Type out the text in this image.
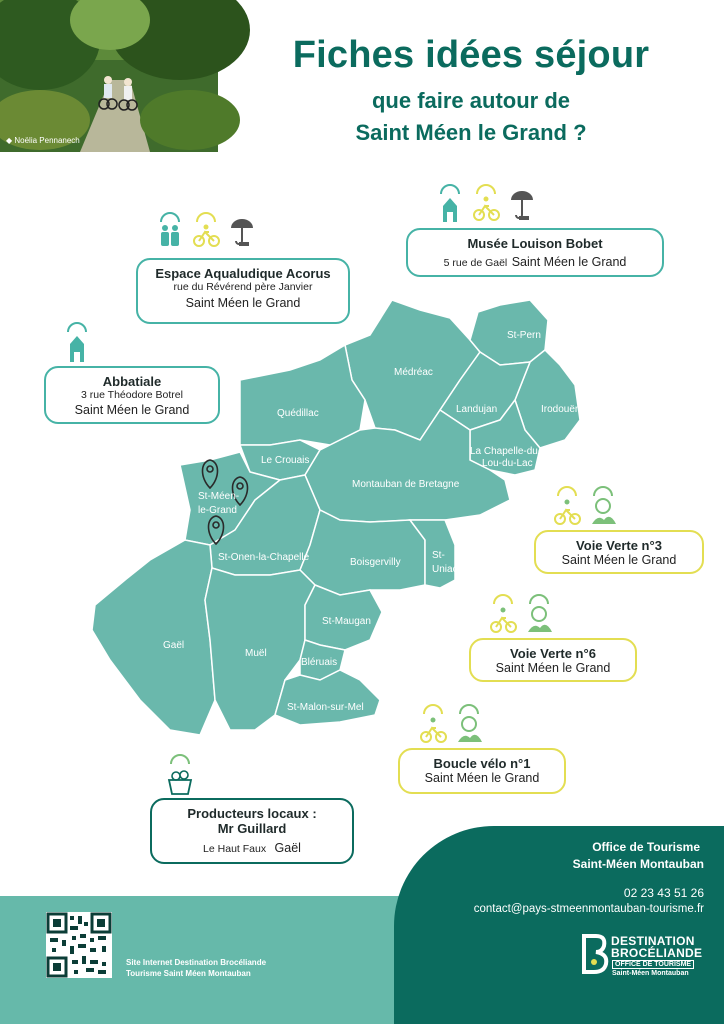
◆ Noëlia Pennanech
Fiches idées séjour
que faire autour de
Saint Méen le Grand ?
St-Pern
Médréac
Irodouër
Landujan
Quédillac
La Chapelle-du-
Lou-du-Lac
Le Crouais
Montauban de Bretagne
St-Méen-
le-Grand
St-Onen-la-Chapelle	Boisgervilly
St-
Uniac
Gaël
St-Maugan
Muël
Bléruais
St-Malon-sur-Mel
Espace Aqualudique Acorus
rue du Révérend père Janvier
Saint Méen le Grand
Musée Louison Bobet
5 rue de Gaël Saint Méen le Grand
Abbatiale
3 rue Théodore Botrel
Saint Méen le Grand
Voie Verte n°3
Saint Méen le Grand
Voie Verte n°6
Saint Méen le Grand
Boucle vélo n°1
Saint Méen le Grand
Producteurs locaux :
Mr Guillard
Le Haut Faux Gaël	Office de Tourisme
Saint-Méen Montauban
02 23 43 51 26
contact@pays-stmeenmontauban-tourisme.fr
DESTINATION
BROCÉLIANDE
OFFICE DE TOURISME
Saint-Méen Montauban
Site Internet Destination Brocéliande
Tourisme Saint Méen Montauban
